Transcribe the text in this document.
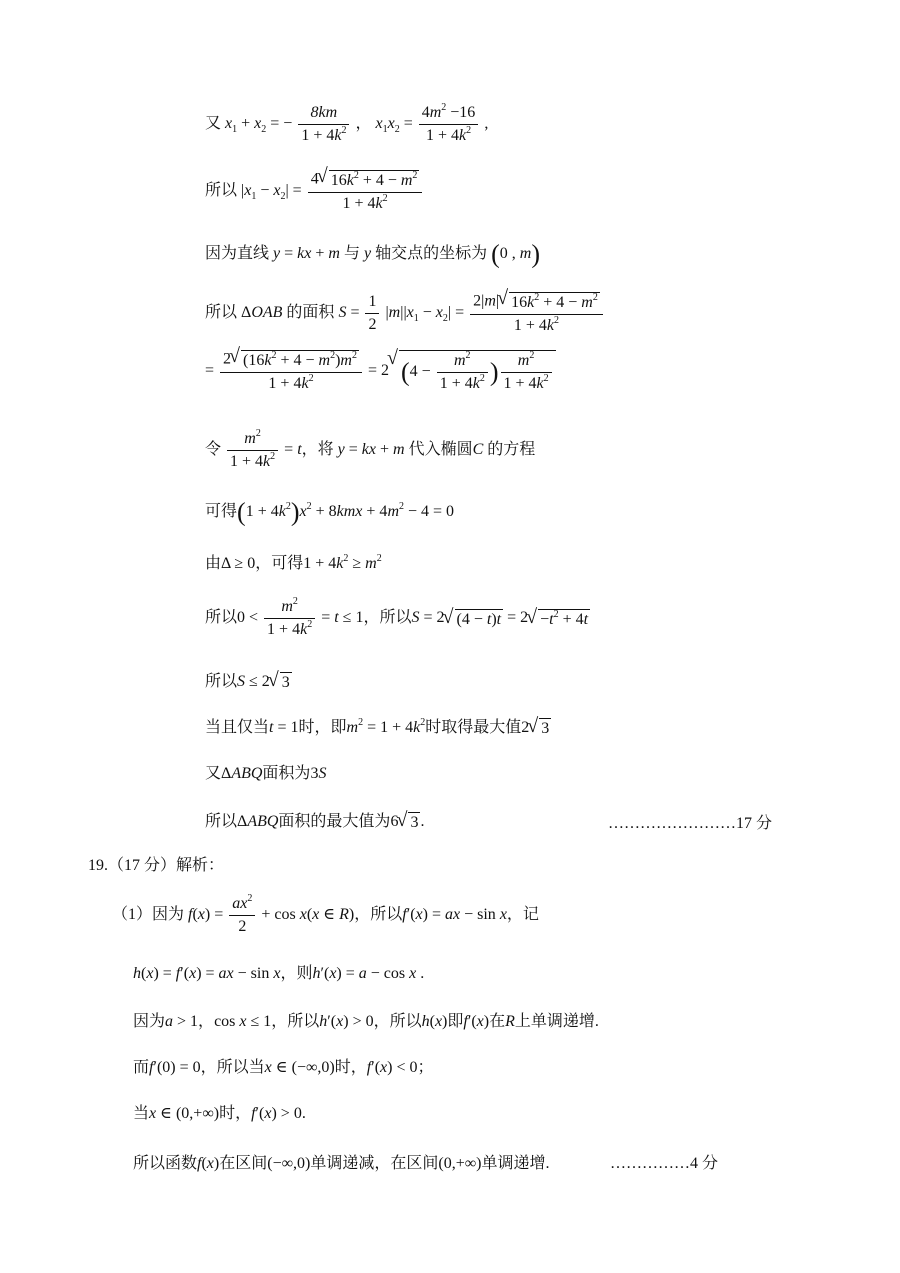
又 $x_1 + x_2$ = − $\frac{8km}{1 + 4k^2}$ ， $x_1x_2 = \frac{4m^2 -16}{1 + 4k^2}$ ,
所以 $|x_1 - x_2| = \frac{4√ 16k^2 + 4 - m^2}{1 + 4k^2}$
因为直线 y = kx + m 与 y 轴交点的坐标为 (0 , m)
所以 ΔOAB 的面积 $S = \frac{1}{2} |m||x_1 - x_2| = \frac{2|m|√ 16k^2 + 4 - m^2}{1 + 4k^2}$
= $\frac{2√ (16k^2 + 4 - m^2)m^2}{1 + 4k^2} = 2√$ ($4 - \frac{m^2}{1 + 4k^2}$ ) $\frac{m^2}{1 + 4k^2}$
令 $\frac{m^2}{1 + 4k^2} = t$，将 y = kx + m 代入椭圆C 的方程
可得$(1 + 4k^2)x^2 + 8kmx + 4m^2 - 4 = 0$
由Δ ≥ 0，可得$1 + 4k^2 \ge m^2$
所以$0 < \frac{m^2}{1 + 4k^2} = t \le 1$，所以S = 2√ $(4 - t)t = 2√ -t^2 + 4t$
所以S ≤ 2√ 3
当且仅当t = 1时，即$m^2 = 1 + 4k^2$时取得最大值2√ 3
又ΔABQ面积为3S
所以ΔABQ面积的最大值为6√ 3 .	……………………17 分
19.（17 分）解析：
（1）因为 $f(x) = \frac{ax^2}{2} + \cos x(x$ ∈ R)，所以f′(x) = ax − sin x，记
h(x) = f′(x) = ax − sin x，则h′(x) = a − cos x .
因为a > 1，cos x ≤ 1，所以h′(x) > 0，所以h(x)即f′(x)在R上单调递增.
而f′(0) = 0，所以当x ∈ (−∞,0)时，f′(x) < 0；
当x ∈ (0,+∞)时，f′(x) > 0.
所以函数f(x)在区间(−∞,0)单调递减，在区间(0,+∞)单调递增.	……………4 分
